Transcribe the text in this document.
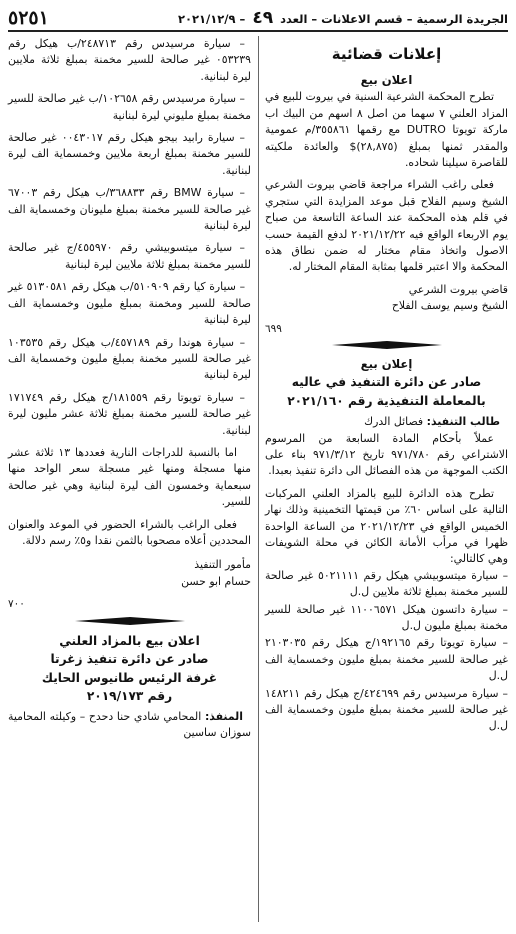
الجريدة الرسمية – قسم الاعلانات – العدد ٤٩ – ٢٠٢١/١٢/٩
٥٢٥١
إعلانات قضائية
اعلان بيع

تطرح المحكمة الشرعية السنية في بيروت للبيع في المزاد العلني ٧ سهما من اصل ٨ اسهم من البيك اب ماركة تويوتا DUTRO مع رقمها ٣٥٥٨٦١/م عمومية والمقدر ثمنها بمبلغ (٢٨,٨٧٥)$ والعائدة ملكيته للقاصرة سيلينا شحاده.

فعلى راغب الشراء مراجعة قاضي بيروت الشرعي الشيخ وسيم الفلاح قبل موعد المزايدة التي ستجري في قلم هذه المحكمة عند الساعة التاسعة من صباح يوم الاربعاء الواقع فيه ٢٠٢١/١٢/٢٢ لدفع القيمة حسب الاصول واتخاذ مقام مختار له ضمن نطاق هذه المحكمة والا اعتبر قلمها بمثابة المقام المختار له.

قاضي بيروت الشرعي
الشيخ وسيم يوسف الفلاح
٦٩٩
إعلان بيع
صادر عن دائرة التنفيذ في عاليه
بالمعاملة التنفيذية رقم ٢٠٢١/١٦٠

طالب التنفيذ: فصائل الدرك

عملاً بأحكام المادة السابعة من المرسوم الاشتراعي رقم ٩٧١/٧٨٠ تاريخ ٩٧١/٣/١٢ بناء على الكتب الموجهة من هذه الفصائل الى دائرة تنفيذ بعبدا.

تطرح هذه الدائرة للبيع بالمزاد العلني المركبات التالية على اساس ٦٠٪ من قيمتها التخمينية وذلك نهار الخميس الواقع في ٢٠٢١/١٢/٢٣ من الساعة الواحدة ظهرا في مرأب الأمانة الكائن في محلة الشويفات وهي كالتالي:

– سيارة ميتسوبيشي هيكل رقم ٥٠٢١١١١ غير صالحة للسير مخمنة بمبلغ ثلاثة ملايين ل.ل

– سيارة داتسون هيكل ١١٠٠٦٥٧١ غير صالحة للسير مخمنة بمبلغ مليون ل.ل

– سيارة تويوتا رقم ١٩٢١٦٥/ج هيكل رقم ٢١٠٣٠٣٥ غير صالحة للسير مخمنة بمبلغ مليون وخمسماية الف ل.ل

– سيارة مرسيدس رقم ٤٢٤٦٩٩/ج هيكل رقم ١٤٨٢١١ غير صالحة للسير مخمنة بمبلغ مليون وخمسماية الف ل.ل

– سيارة مرسيدس رقم ٢٤٨٧١٣/ب هيكل رقم ٠٥٣٢٣٩ غير صالحة للسير مخمنة بمبلغ ثلاثة ملايين ليرة لبنانية.

– سيارة مرسيدس رقم ١٠٢٦٥٨/ب غير صالحة للسير مخمنة بمبلغ مليوني ليرة لبنانية

– سيارة رابيد بيجو هيكل رقم ٠٠٤٣٠١٧ غير صالحة للسير مخمنة بمبلغ اربعة ملايين وخمسماية الف ليرة لبنانية.

– سيارة BMW رقم ٣٦٨٨٣٣/ب هيكل رقم ٦٧٠٠٣ غير صالحة للسير مخمنة بمبلغ مليونان وخمسماية الف ليرة لبنانية

– سيارة ميتسوبيشي رقم ٤٥٥٩٧٠/ج غير صالحة للسير مخمنة بمبلغ ثلاثة ملايين ليرة لبنانية

– سيارة كيا رقم ٥١٠٩٠٩/ب هيكل رقم ٥١٣٠٥٨١ غير صالحة للسير ومخمنة بمبلغ مليون وخمسماية الف ليرة لبنانية

– سيارة هوندا رقم ٤٥٧١٨٩/ب هيكل رقم ١٠٣٥٣٥ غير صالحة للسير مخمنة بمبلغ مليون وخمسماية الف ليرة لبنانية

– سيارة تويوتا رقم ١٨١٥٥٩/ج هيكل رقم ١٧١٧٤٩ غير صالحة للسير مخمنة بمبلغ ثلاثة عشر مليون ليرة لبنانية.

اما بالنسبة للدراجات النارية فعددها ١٣ ثلاثة عشر منها مسجلة ومنها غير مسجلة سعر الواحد منها سبعماية وخمسون الف ليرة لبنانية وهي غير صالحة للسير.

فعلى الراغب بالشراء الحضور في الموعد والعنوان المحددين أعلاه مصحوبا بالثمن نقدا و٥٪ رسم دلالة.

مأمور التنفيذ
حسام ابو حسن
٧٠٠
اعلان بيع بالمزاد العلني
صادر عن دائرة تنفيذ زغرتا
غرفة الرئيس طانيوس الحايك
رقم ٢٠١٩/١٧٣

المنفذ: المحامي شادي حنا دحدح – وكيلته المحامية سوزان ساسين
